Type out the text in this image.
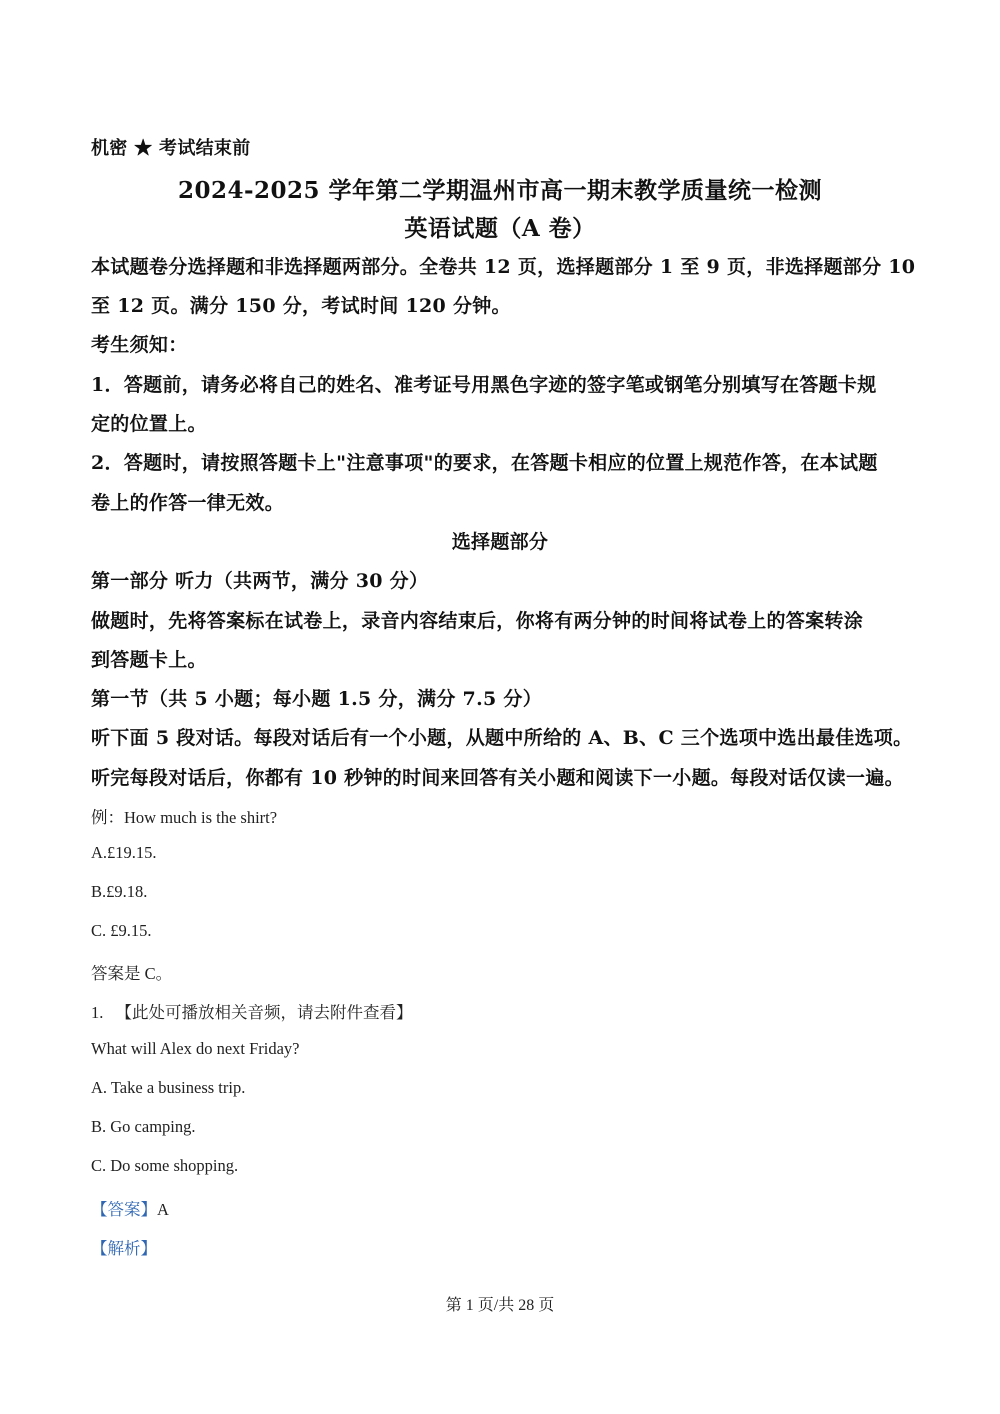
机密 ★ 考试结束前
2024-2025 学年第二学期温州市高一期末教学质量统一检测
英语试题（A 卷）
本试题卷分选择题和非选择题两部分。全卷共 12 页，选择题部分 1 至 9 页，非选择题部分 10
至 12 页。满分 150 分，考试时间 120 分钟。
考生须知：
1．答题前，请务必将自己的姓名、准考证号用黑色字迹的签字笔或钢笔分别填写在答题卡规
定的位置上。
2．答题时，请按照答题卡上"注意事项"的要求，在答题卡相应的位置上规范作答，在本试题
卷上的作答一律无效。
选择题部分
第一部分 听力（共两节，满分 30 分）
做题时，先将答案标在试卷上，录音内容结束后，你将有两分钟的时间将试卷上的答案转涂
到答题卡上。
第一节（共 5 小题；每小题 1.5 分，满分 7.5 分）
听下面 5 段对话。每段对话后有一个小题，从题中所给的 A、B、C 三个选项中选出最佳选项。
听完每段对话后，你都有 10 秒钟的时间来回答有关小题和阅读下一小题。每段对话仅读一遍。
例：How much is the shirt?
A.£19.15.
B.£9.18.
C. £9.15.
答案是 C。
1. 【此处可播放相关音频，请去附件查看】
What will Alex do next Friday?
A. Take a business trip.
B. Go camping.
C. Do some shopping.
【答案】A
【解析】
第 1 页/共 28 页
